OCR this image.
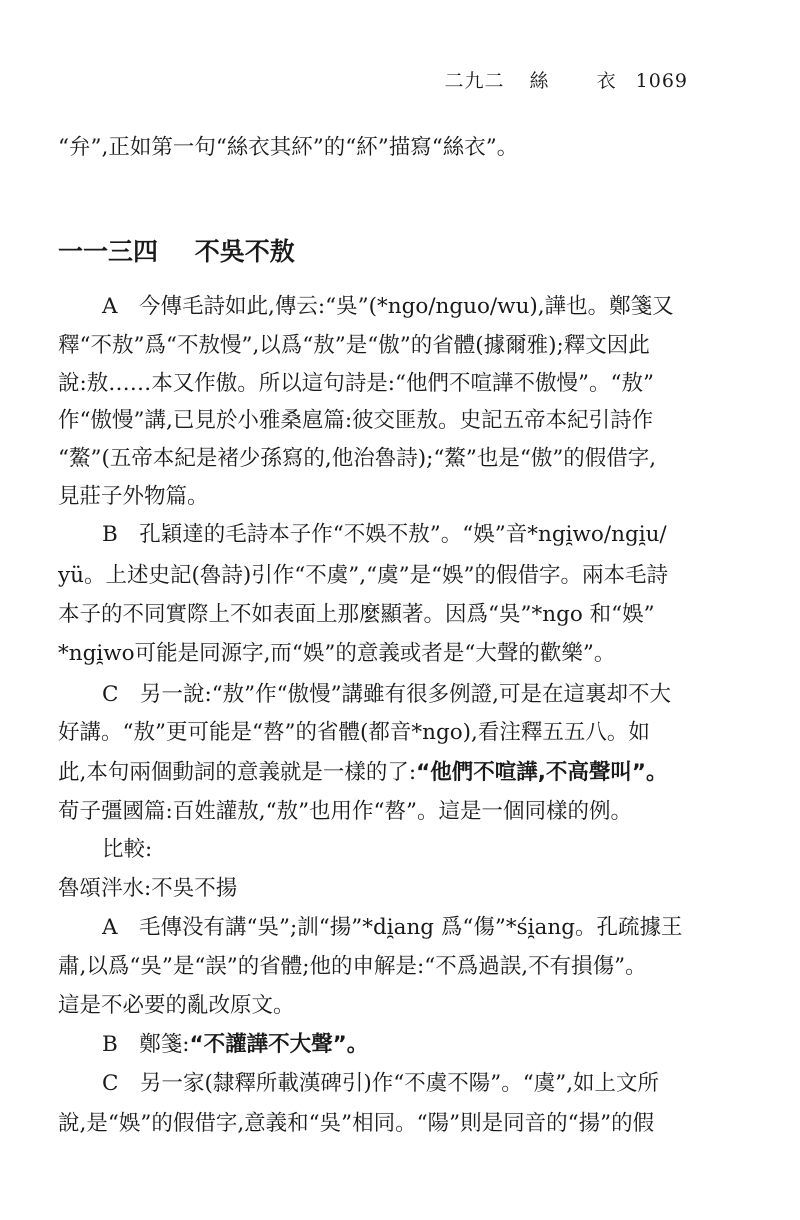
二九二 絲 衣 1069
“弁”,正如第一句“絲衣其紑”的“紑”描寫“絲衣”。
一一三四 不吳不敖
A　今傳毛詩如此,傳云:“吳”(*ngo/nguo/wu),譁也。鄭箋又
釋“不敖”爲“不敖慢”,以爲“敖”是“傲”的省體(據爾雅);釋文因此
說:敖……本又作傲。所以這句詩是:“他們不喧譁不傲慢”。“敖”
作“傲慢”講,已見於小雅桑扈篇:彼交匪敖。史記五帝本紀引詩作
“鰲”(五帝本紀是褚少孫寫的,他治魯詩);“鰲”也是“傲”的假借字,
見莊子外物篇。
B　孔穎達的毛詩本子作“不娛不敖”。“娛”音*ngi̯wo/ngi̯u/
yü。上述史記(魯詩)引作“不虞”,“虞”是“娛”的假借字。兩本毛詩
本子的不同實際上不如表面上那麼顯著。因爲“吳”*ngo 和“娛”
*ngi̯wo可能是同源字,而“娛”的意義或者是“大聲的歡樂”。
C　另一說:“敖”作“傲慢”講雖有很多例證,可是在這裏却不大
好講。“敖”更可能是“嗸”的省體(都音*ngo),看注釋五五八。如
此,本句兩個動詞的意義就是一樣的了:“他們不喧譁,不高聲叫”。
荀子彊國篇:百姓讙敖,“敖”也用作“嗸”。這是一個同樣的例。
比較:
魯頌泮水:不吳不揚
A　毛傳没有講“吳”;訓“揚”*di̯ang 爲“傷”*śi̯ang。孔疏據王
肅,以爲“吳”是“誤”的省體;他的申解是:“不爲過誤,不有損傷”。
這是不必要的亂改原文。
B　鄭箋:“不讙譁不大聲”。
C　另一家(隸釋所載漢碑引)作“不虞不陽”。“虞”,如上文所
說,是“娛”的假借字,意義和“吳”相同。“陽”則是同音的“揚”的假
